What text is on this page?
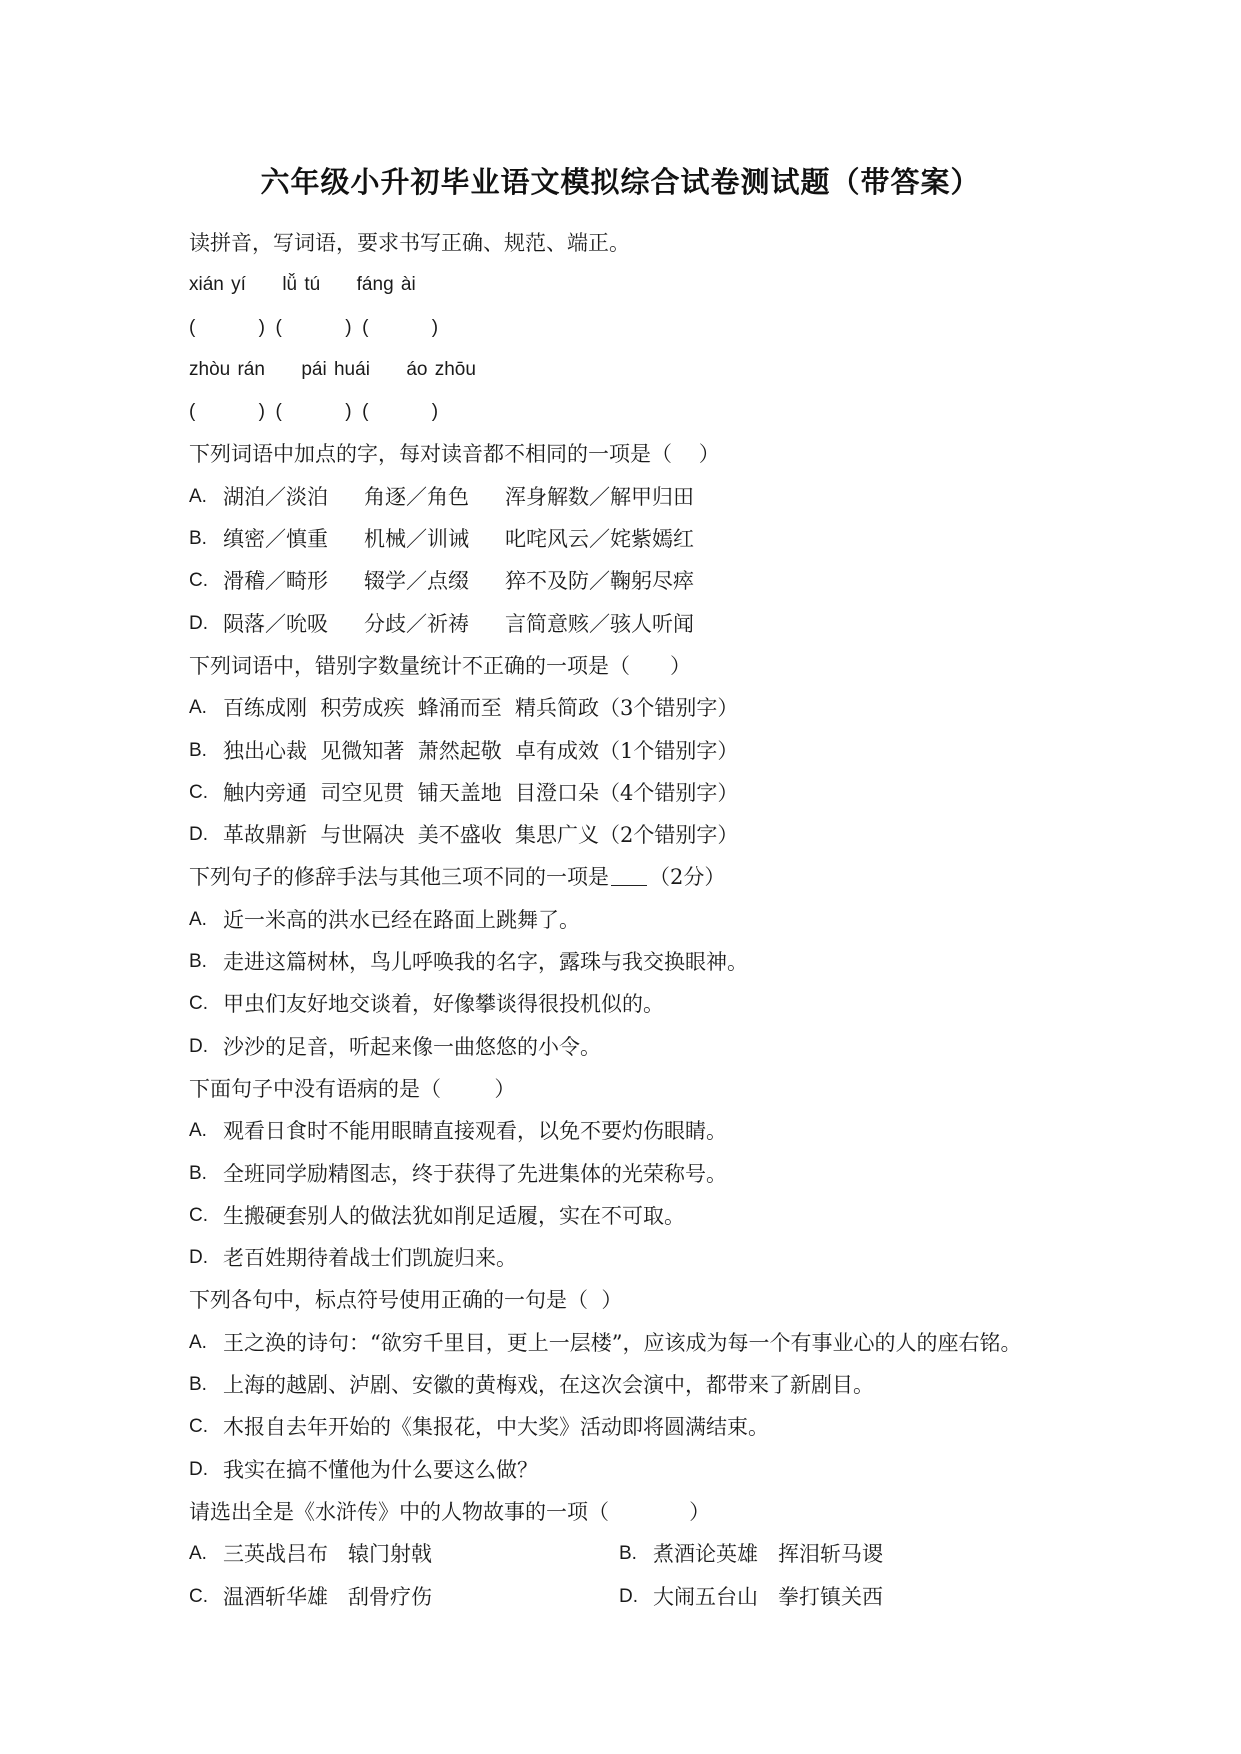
六年级小升初毕业语文模拟综合试卷测试题（带答案）
读拼音，写词语，要求书写正确、规范、端正。
xián yí lǚ tú fáng ài
(            )  (            )  (            )
zhòu rán pái huái áo zhōu
(            )  (            )  (            )
下列词语中加点的字，每对读音都不相同的一项是（    ）
A. 湖泊／淡泊 角逐／角色 浑身解数／解甲归田
B. 缜密／慎重 机械／训诫 叱咤风云／姹紫嫣红
C. 滑稽／畸形 辍学／点缀 猝不及防／鞠躬尽瘁
D. 陨落／吮吸 分歧／祈祷 言简意赅／骇人听闻
下列词语中，错别字数量统计不正确的一项是（      ）
A. 百练成刚  积劳成疾  蜂涌而至  精兵简政（3个错别字）
B. 独出心裁  见微知著  萧然起敬  卓有成效（1个错别字）
C. 触内旁通  司空见贯  铺天盖地  目澄口朵（4个错别字）
D. 革故鼎新  与世隔决  美不盛收  集思广义（2个错别字）
下列句子的修辞手法与其他三项不同的一项是 （2分）
A. 近一米高的洪水已经在路面上跳舞了。
B. 走进这篇树林，鸟儿呼唤我的名字，露珠与我交换眼神。
C. 甲虫们友好地交谈着，好像攀谈得很投机似的。
D. 沙沙的足音，听起来像一曲悠悠的小令。
下面句子中没有语病的是（        ）
A. 观看日食时不能用眼睛直接观看，以免不要灼伤眼睛。
B. 全班同学励精图志，终于获得了先进集体的光荣称号。
C. 生搬硬套别人的做法犹如削足适履，实在不可取。
D. 老百姓期待着战士们凯旋归来。
下列各句中，标点符号使用正确的一句是（  ）
A. 王之涣的诗句：“欲穷千里目，更上一层楼”，应该成为每一个有事业心的人的座右铭。
B. 上海的越剧、泸剧、安徽的黄梅戏，在这次会演中，都带来了新剧目。
C. 木报自去年开始的《集报花，中大奖》活动即将圆满结束。
D. 我实在搞不懂他为什么要这么做？
请选出全是《水浒传》中的人物故事的一项（            ）
A. 三英战吕布   辕门射戟	B. 煮酒论英雄   挥泪斩马谡
C. 温酒斩华雄   刮骨疗伤	D. 大闹五台山   拳打镇关西
